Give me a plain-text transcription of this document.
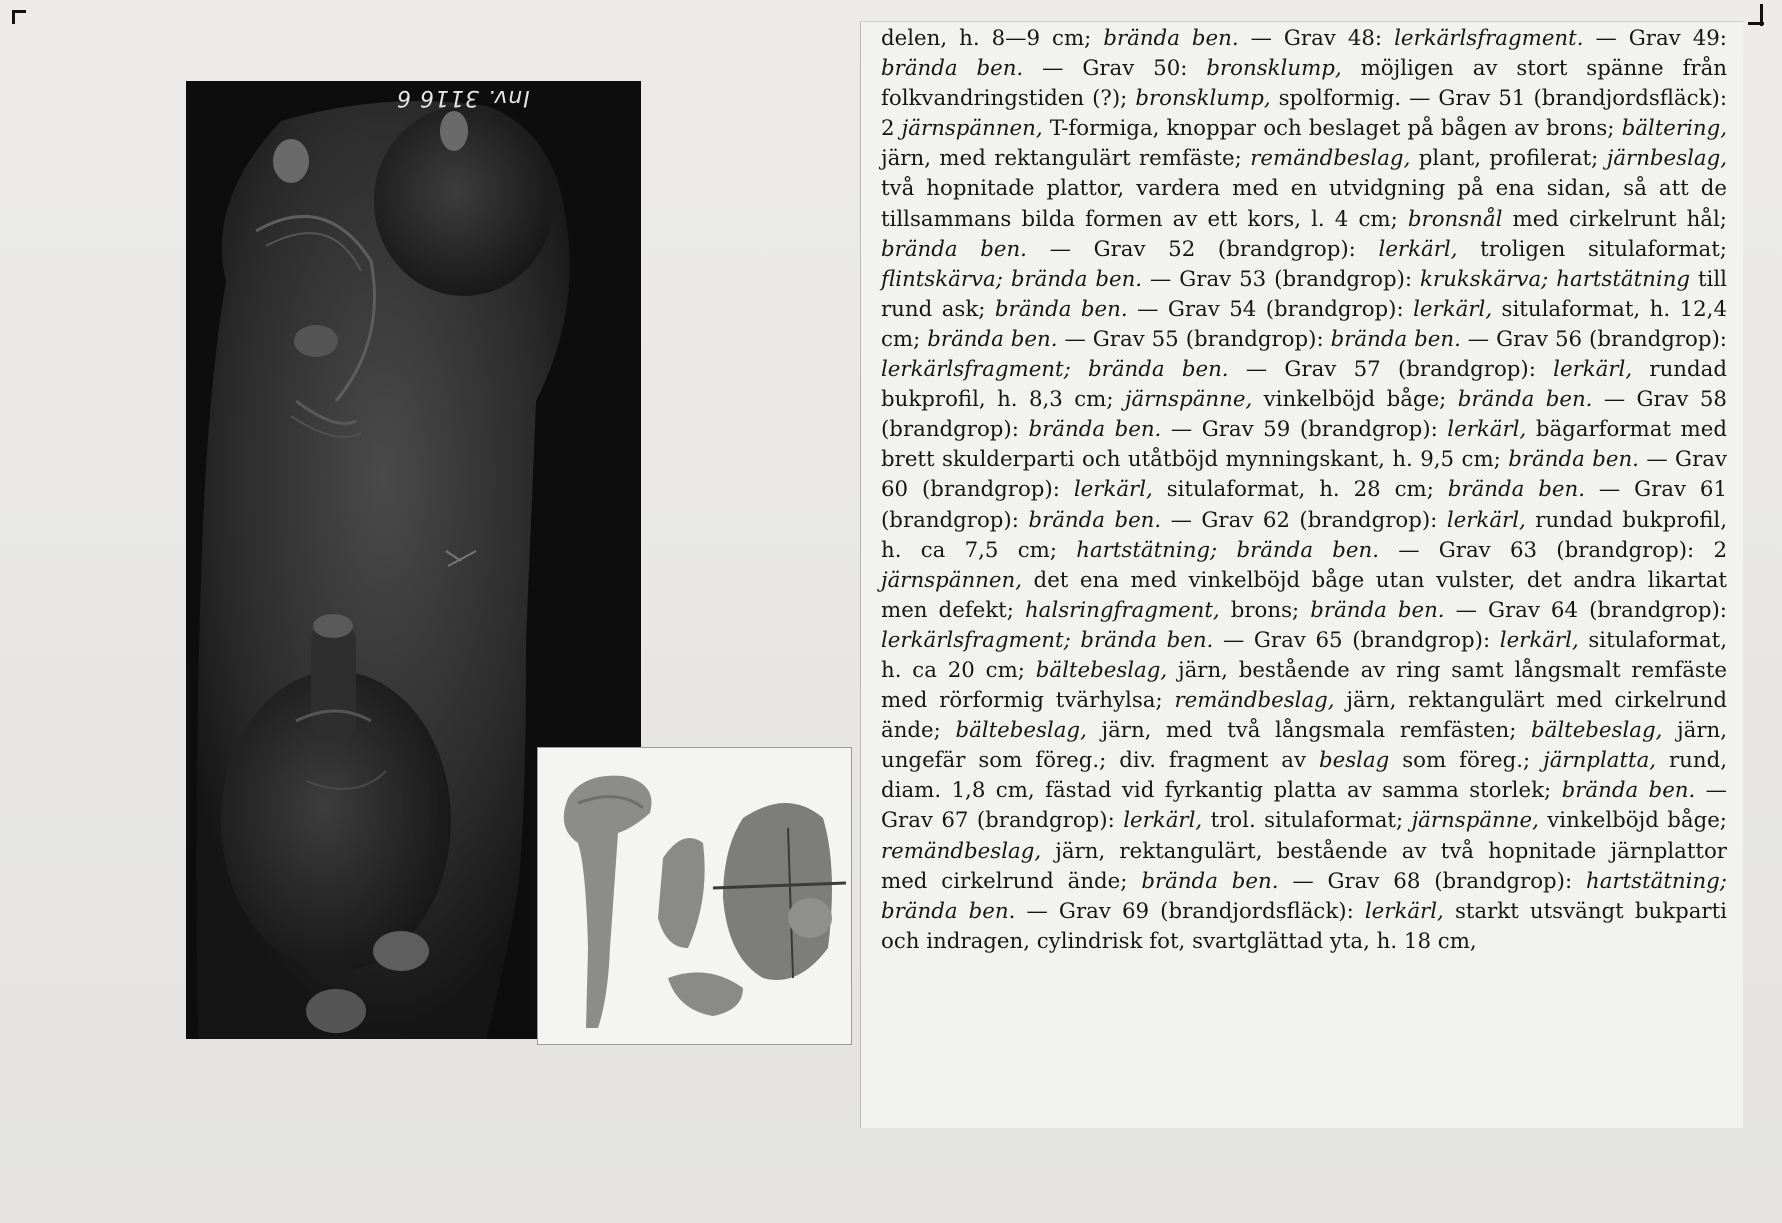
Inv. 3116 6

delen, h. 8—9 cm; brända ben. — Grav 48: lerkärlsfragment. — Grav 49: brända ben. — Grav 50: bronsklump, möjligen av stort spänne från folkvandringstiden (?); bronsklump, spolformig. — Grav 51 (brandjordsfläck): 2 järnspännen, T-formiga, knoppar och beslaget på bågen av brons; bältering, järn, med rektangulärt remfäste; remändbeslag, plant, profilerat; järnbeslag, två hopnitade plattor, vardera med en utvidgning på ena sidan, så att de tillsammans bilda formen av ett kors, l. 4 cm; bronsnål med cirkelrunt hål; brända ben. — Grav 52 (brandgrop): lerkärl, troligen situlaformat; flintskärva; brända ben. — Grav 53 (brandgrop): krukskärva; hartstätning till rund ask; brända ben. — Grav 54 (brandgrop): lerkärl, situlaformat, h. 12,4 cm; brända ben. — Grav 55 (brandgrop): brända ben. — Grav 56 (brandgrop): lerkärlsfragment; brända ben. — Grav 57 (brandgrop): lerkärl, rundad bukprofil, h. 8,3 cm; järnspänne, vinkelböjd båge; brända ben. — Grav 58 (brandgrop): brända ben. — Grav 59 (brandgrop): lerkärl, bägarformat med brett skulderparti och utåtböjd mynningskant, h. 9,5 cm; brända ben. — Grav 60 (brandgrop): lerkärl, situlaformat, h. 28 cm; brända ben. — Grav 61 (brandgrop): brända ben. — Grav 62 (brandgrop): lerkärl, rundad bukprofil, h. ca 7,5 cm; hartstätning; brända ben. — Grav 63 (brandgrop): 2 järnspännen, det ena med vinkelböjd båge utan vulster, det andra likartat men defekt; halsringfragment, brons; brända ben. — Grav 64 (brandgrop): lerkärlsfragment; brända ben. — Grav 65 (brandgrop): lerkärl, situlaformat, h. ca 20 cm; bältebeslag, järn, bestående av ring samt långsmalt remfäste med rörformig tvärhylsa; remändbeslag, järn, rektangulärt med cirkelrund ände; bältebeslag, järn, med två långsmala remfästen; bältebeslag, järn, ungefär som föreg.; div. fragment av beslag som föreg.; järnplatta, rund, diam. 1,8 cm, fästad vid fyrkantig platta av samma storlek; brända ben. — Grav 67 (brandgrop): lerkärl, trol. situlaformat; järnspänne, vinkelböjd båge; remändbeslag, järn, rektangulärt, bestående av två hopnitade järnplattor med cirkelrund ände; brända ben. — Grav 68 (brandgrop): hartstätning; brända ben. — Grav 69 (brandjordsfläck): lerkärl, starkt utsvängt bukparti och indragen, cylindrisk fot, svartglättad yta, h. 18 cm,
